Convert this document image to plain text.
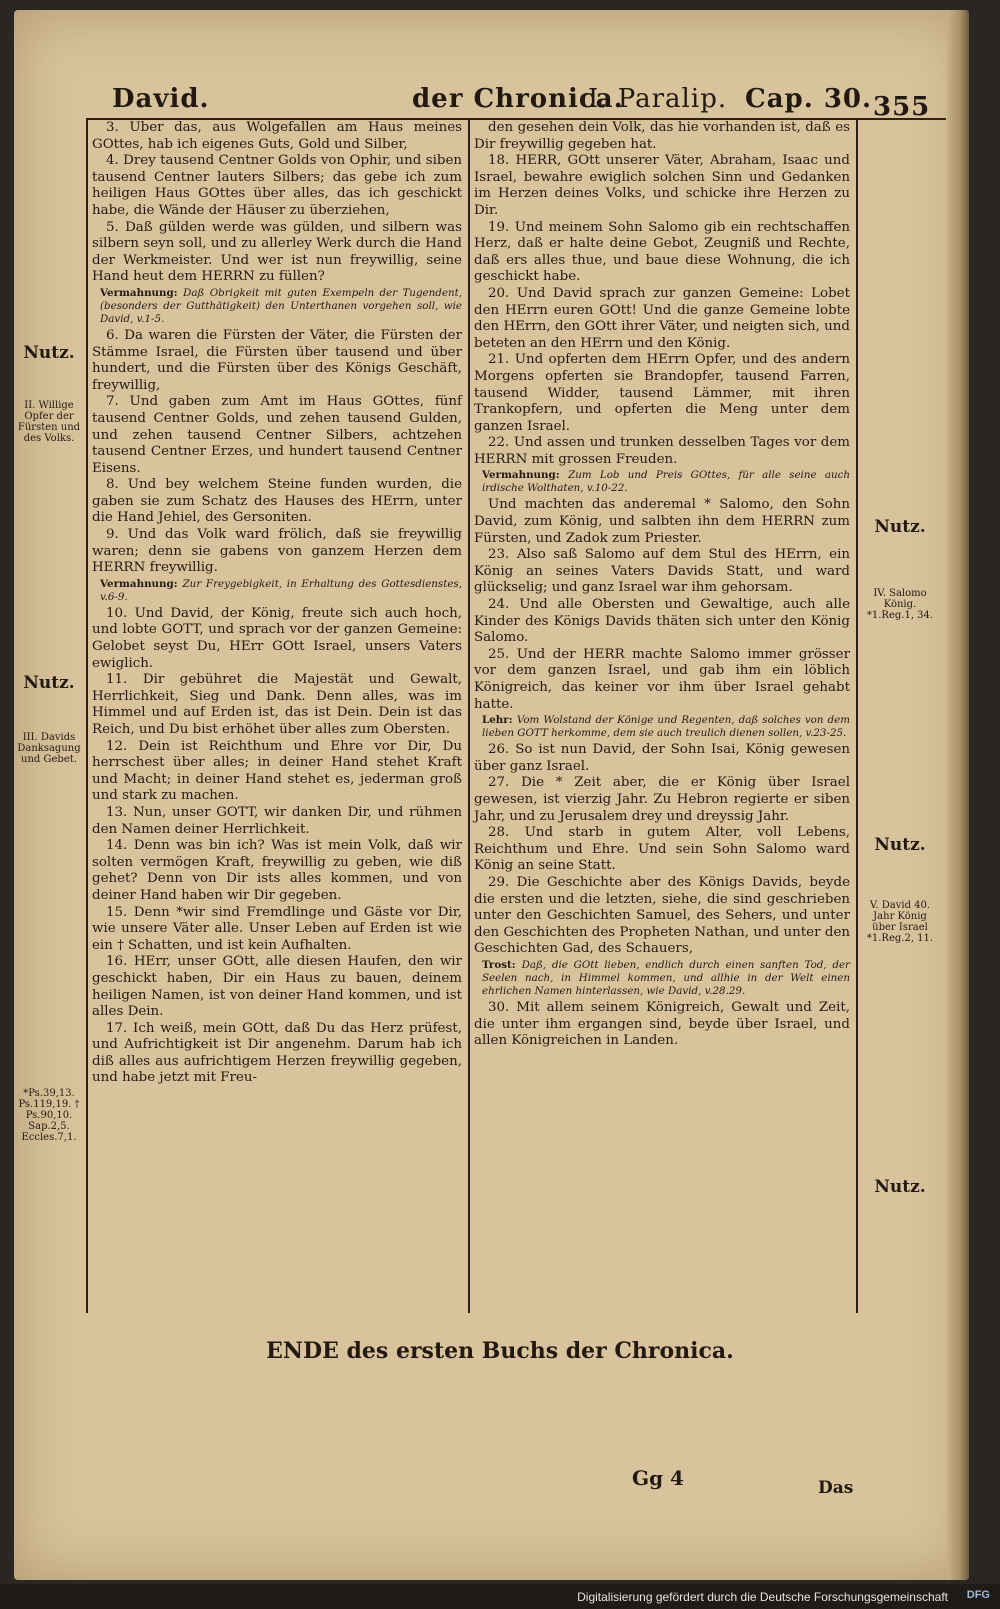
David.	der Chronica.
I. Paralip. Cap. 30. 355

3. Uber das, aus Wolgefallen am Haus meines GOttes, hab ich eigenes Guts, Gold und Silber,

4. Drey tausend Centner Golds von Ophir, und siben tausend Centner lauters Silbers; das gebe ich zum heiligen Haus GOttes über alles, das ich geschickt habe, die Wände der Häuser zu überziehen,

5. Daß gülden werde was gülden, und silbern was silbern seyn soll, und zu allerley Werk durch die Hand der Werkmeister. Und wer ist nun freywillig, seine Hand heut dem HERRN zu füllen?

Vermahnung: Daß Obrigkeit mit guten Exempeln der Tugendent, (besonders der Gutthätigkeit) den Unterthanen vorgehen soll, wie David, v.1-5.

6. Da waren die Fürsten der Väter, die Fürsten der Stämme Israel, die Fürsten über tausend und über hundert, und die Fürsten über des Königs Geschäft, freywillig,

7. Und gaben zum Amt im Haus GOttes, fünf tausend Centner Golds, und zehen tausend Gulden, und zehen tausend Centner Silbers, achtzehen tausend Centner Erzes, und hundert tausend Centner Eisens.

8. Und bey welchem Steine funden wurden, die gaben sie zum Schatz des Hauses des HErrn, unter die Hand Jehiel, des Gersoniten.

9. Und das Volk ward frölich, daß sie freywillig waren; denn sie gabens von ganzem Herzen dem HERRN freywillig.

Vermahnung: Zur Freygebigkeit, in Erhaltung des Gottesdienstes, v.6-9.

10. Und David, der König, freute sich auch hoch, und lobte GOTT, und sprach vor der ganzen Gemeine: Gelobet seyst Du, HErr GOtt Israel, unsers Vaters ewiglich.

11. Dir gebühret die Majestät und Gewalt, Herrlichkeit, Sieg und Dank. Denn alles, was im Himmel und auf Erden ist, das ist Dein. Dein ist das Reich, und Du bist erhöhet über alles zum Obersten.

12. Dein ist Reichthum und Ehre vor Dir, Du herrschest über alles; in deiner Hand stehet Kraft und Macht; in deiner Hand stehet es, jederman groß und stark zu machen.

13. Nun, unser GOTT, wir danken Dir, und rühmen den Namen deiner Herrlichkeit.

14. Denn was bin ich? Was ist mein Volk, daß wir solten vermögen Kraft, freywillig zu geben, wie diß gehet? Denn von Dir ists alles kommen, und von deiner Hand haben wir Dir gegeben.

15. Denn *wir sind Fremdlinge und Gäste vor Dir, wie unsere Väter alle. Unser Leben auf Erden ist wie ein † Schatten, und ist kein Aufhalten.

16. HErr, unser GOtt, alle diesen Haufen, den wir geschickt haben, Dir ein Haus zu bauen, deinem heiligen Namen, ist von deiner Hand kommen, und ist alles Dein.

17. Ich weiß, mein GOtt, daß Du das Herz prüfest, und Aufrichtigkeit ist Dir angenehm. Darum hab ich diß alles aus aufrichtigem Herzen freywillig gegeben, und habe jetzt mit Freu-

den gesehen dein Volk, das hie vorhanden ist, daß es Dir freywillig gegeben hat.

18. HERR, GOtt unserer Väter, Abraham, Isaac und Israel, bewahre ewiglich solchen Sinn und Gedanken im Herzen deines Volks, und schicke ihre Herzen zu Dir.

19. Und meinem Sohn Salomo gib ein rechtschaffen Herz, daß er halte deine Gebot, Zeugniß und Rechte, daß ers alles thue, und baue diese Wohnung, die ich geschickt habe.

20. Und David sprach zur ganzen Gemeine: Lobet den HErrn euren GOtt! Und die ganze Gemeine lobte den HErrn, den GOtt ihrer Väter, und neigten sich, und beteten an den HErrn und den König.

21. Und opferten dem HErrn Opfer, und des andern Morgens opferten sie Brandopfer, tausend Farren, tausend Widder, tausend Lämmer, mit ihren Trankopfern, und opferten die Meng unter dem ganzen Israel.

22. Und assen und trunken desselben Tages vor dem HERRN mit grossen Freuden.

Vermahnung: Zum Lob und Preis GOttes, für alle seine auch irdische Wolthaten, v.10-22.

Und machten das anderemal * Salomo, den Sohn David, zum König, und salbten ihn dem HERRN zum Fürsten, und Zadok zum Priester.

23. Also saß Salomo auf dem Stul des HErrn, ein König an seines Vaters Davids Statt, und ward glückselig; und ganz Israel war ihm gehorsam.

24. Und alle Obersten und Gewaltige, auch alle Kinder des Königs Davids thäten sich unter den König Salomo.

25. Und der HERR machte Salomo immer grösser vor dem ganzen Israel, und gab ihm ein löblich Königreich, das keiner vor ihm über Israel gehabt hatte.

Lehr: Vom Wolstand der Könige und Regenten, daß solches von dem lieben GOTT herkomme, dem sie auch treulich dienen sollen, v.23-25.

26. So ist nun David, der Sohn Isai, König gewesen über ganz Israel.

27. Die * Zeit aber, die er König über Israel gewesen, ist vierzig Jahr. Zu Hebron regierte er siben Jahr, und zu Jerusalem drey und dreyssig Jahr.

28. Und starb in gutem Alter, voll Lebens, Reichthum und Ehre. Und sein Sohn Salomo ward König an seine Statt.

29. Die Geschichte aber des Königs Davids, beyde die ersten und die letzten, siehe, die sind geschrieben unter den Geschichten Samuel, des Sehers, und unter den Geschichten des Propheten Nathan, und unter den Geschichten Gad, des Schauers,

Trost: Daß, die GOtt lieben, endlich durch einen sanften Tod, der Seelen nach, in Himmel kommen, und allhie in der Welt einen ehrlichen Namen hinterlassen, wie David, v.28.29.

30. Mit allem seinem Königreich, Gewalt und Zeit, die unter ihm ergangen sind, beyde über Israel, und allen Königreichen in Landen.

Nutz.
II. Willige Opfer der Fürsten und des Volks.
Nutz.
III. Davids Danksagung und Gebet.
*Ps.39,13. Ps.119,19. † Ps.90,10. Sap.2,5. Eccles.7,1.
Nutz.
IV. Salomo König. *1.Reg.1, 34.
Nutz.
V. David 40. Jahr König über Israel *1.Reg.2, 11.
Nutz.
ENDE des ersten Buchs der Chronica.
Gg 4	Das
Digitalisierung gefördert durch die Deutsche Forschungsgemeinschaft DFG
